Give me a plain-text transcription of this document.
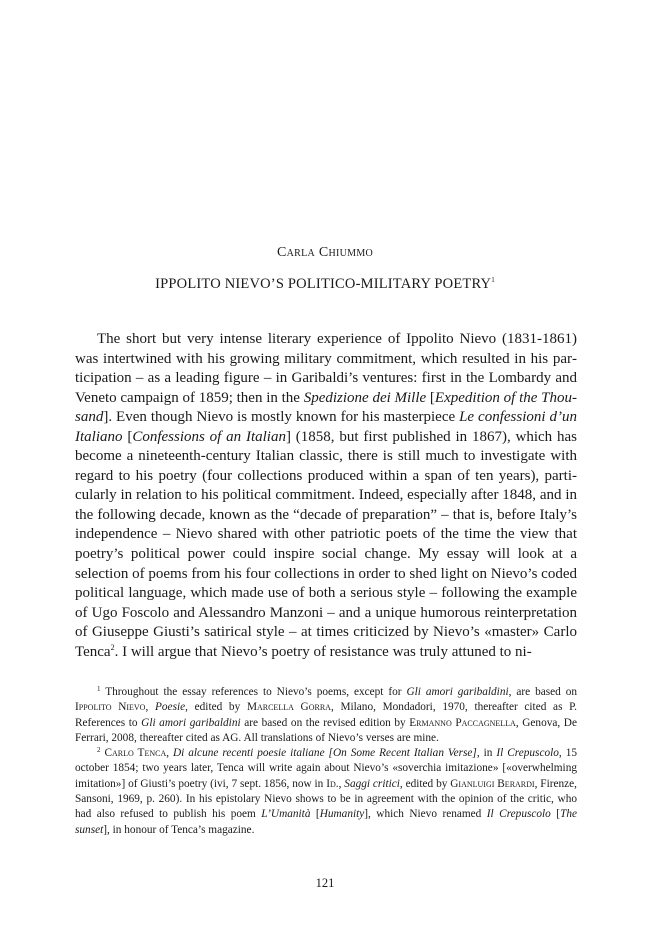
Carla Chiummo
IPPOLITO NIEVO’S POLITICO-MILITARY POETRY$^1$
The short but very intense literary experience of Ippolito Nievo (1831-1861) was intertwined with his growing military commitment, which resulted in his participation – as a leading figure – in Garibaldi’s ventures: first in the Lombardy and Veneto campaign of 1859; then in the Spedizione dei Mille [Expedition of the Thousand]. Even though Nievo is mostly known for his masterpiece Le confessioni d’un Italiano [Confessions of an Italian] (1858, but first published in 1867), which has become a nineteenth-century Italian classic, there is still much to investigate with regard to his poetry (four collections produced within a span of ten years), particularly in relation to his political commitment. Indeed, especially after 1848, and in the following decade, known as the “decade of preparation” – that is, before Italy’s independence – Nievo shared with other patriotic poets of the time the view that poetry’s political power could inspire social change. My essay will look at a selection of poems from his four collections in order to shed light on Nievo’s coded political language, which made use of both a serious style – following the example of Ugo Foscolo and Alessandro Manzoni – and a unique humorous reinterpretation of Giuseppe Giusti’s satirical style – at times criticized by Nievo’s «master» Carlo Tenca$^2$. I will argue that Nievo’s poetry of resistance was truly attuned to ni-

$^1$ Throughout the essay references to Nievo’s poems, except for Gli amori garibaldini, are based on Ippolito Nievo, Poesie, edited by Marcella Gorra, Milano, Mondadori, 1970, thereafter cited as P. References to Gli amori garibaldini are based on the revised edition by Ermanno Paccagnella, Genova, De Ferrari, 2008, thereafter cited as AG. All translations of Nievo’s verses are mine.

$^2$ Carlo Tenca, Di alcune recenti poesie italiane [On Some Recent Italian Verse], in Il Crepuscolo, 15 october 1854; two years later, Tenca will write again about Nievo’s «soverchia imitazione» [«overwhelming imitation»] of Giusti’s poetry (ivi, 7 sept. 1856, now in Id., Saggi critici, edited by Gianluigi Berardi, Firenze, Sansoni, 1969, p. 260). In his epistolary Nievo shows to be in agreement with the opinion of the critic, who had also refused to publish his poem L’Umanità [Humanity], which Nievo renamed Il Crepuscolo [The sunset], in honour of Tenca’s magazine.

121
